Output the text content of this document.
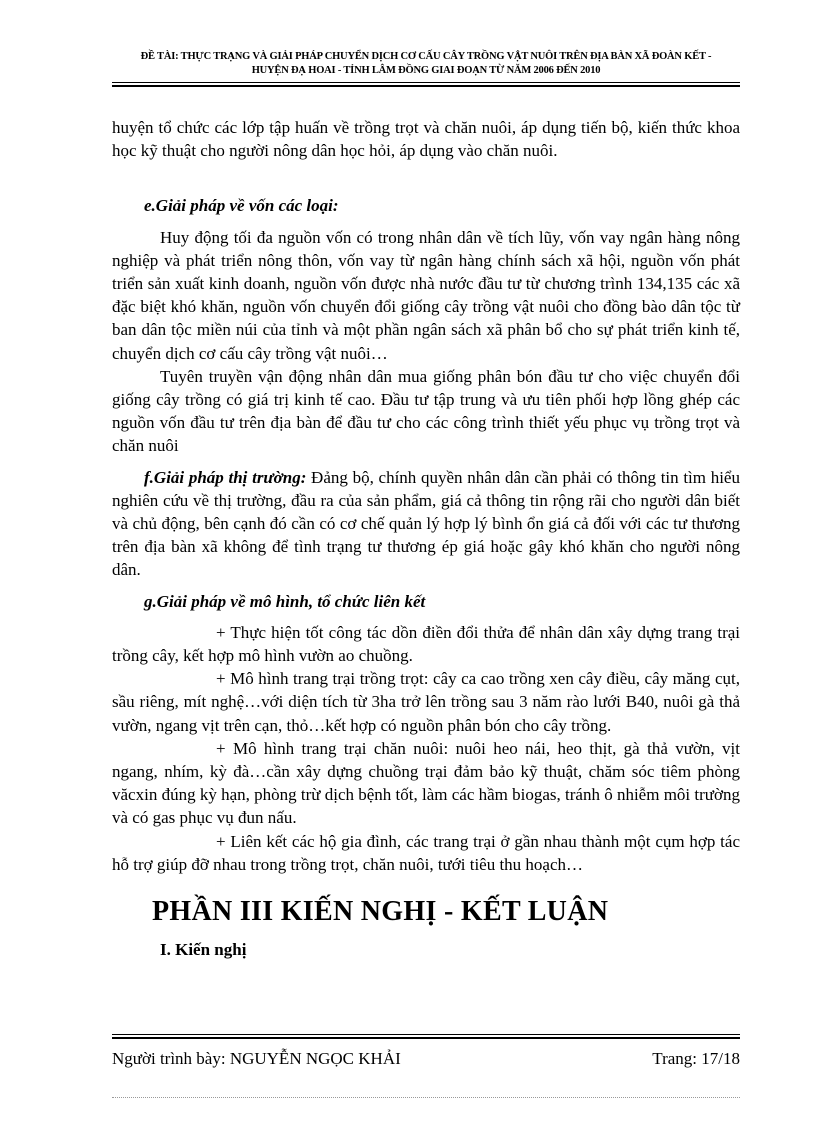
ĐỀ TÀI: THỰC TRẠNG VÀ GIẢI PHÁP CHUYỂN DỊCH CƠ CẤU CÂY TRỒNG VẬT NUÔI TRÊN ĐỊA BÀN XÃ ĐOÀN KẾT -
HUYỆN ĐẠ HOAI - TỈNH LÂM ĐỒNG GIAI ĐOẠN TỪ NĂM 2006 ĐẾN 2010

huyện tổ chức các lớp tập huấn về trồng trọt và chăn nuôi, áp dụng tiến bộ, kiến thức khoa học kỹ thuật cho người nông dân học hỏi, áp dụng vào chăn nuôi.

e.Giải pháp về vốn các loại:

Huy động tối đa nguồn vốn có trong nhân dân về tích lũy, vốn vay ngân hàng nông nghiệp và phát triển nông thôn, vốn vay từ ngân hàng chính sách xã hội, nguồn vốn phát triển sản xuất kinh doanh, nguồn vốn được nhà nước đầu tư từ chương trình 134,135 các xã đặc biệt khó khăn, nguồn vốn chuyển đổi giống cây trồng vật nuôi cho đồng bào dân tộc từ ban dân tộc miền núi của tỉnh và một phần ngân sách xã phân bổ cho sự phát triển kinh tế, chuyển dịch cơ cấu cây trồng vật nuôi…

Tuyên truyền vận động nhân dân mua giống phân bón đầu tư cho việc chuyển đổi giống cây trồng có giá trị kinh tế cao. Đầu tư tập trung và ưu tiên phối hợp lồng ghép các nguồn vốn đầu tư trên địa bàn để đầu tư cho các công trình thiết yếu phục vụ trồng trọt và chăn nuôi

f.Giải pháp thị trường: Đảng bộ, chính quyền nhân dân cần phải có thông tin tìm hiểu nghiên cứu về thị trường, đầu ra của sản phẩm, giá cả thông tin rộng rãi cho người dân biết và chủ động, bên cạnh đó cần có cơ chế quản lý hợp lý bình ổn giá cả đối với các tư thương trên địa bàn xã không để tình trạng tư thương ép giá hoặc gây khó khăn cho người nông dân.

g.Giải pháp về mô hình, tổ chức liên kết

+ Thực hiện tốt công tác dồn điền đổi thửa để nhân dân xây dựng trang trại trồng cây, kết hợp mô hình vườn ao chuồng.

+ Mô hình trang trại trồng trọt: cây ca cao trồng xen cây điều, cây măng cụt, sầu riêng, mít nghệ…với diện tích từ 3ha trở lên trồng sau 3 năm rào lưới B40, nuôi gà thả vườn, ngang vịt trên cạn, thỏ…kết hợp có nguồn phân bón cho cây trồng.

+ Mô hình trang trại chăn nuôi: nuôi heo nái, heo thịt, gà thả vườn, vịt ngang, nhím, kỳ đà…cần xây dựng chuồng trại đảm bảo kỹ thuật, chăm sóc tiêm phòng văcxin đúng kỳ hạn, phòng trừ dịch bệnh tốt, làm các hầm biogas, tránh ô nhiễm môi trường và có gas phục vụ đun nấu.

+ Liên kết các hộ gia đình, các trang trại ở gần nhau thành một cụm hợp tác hỗ trợ giúp đỡ nhau trong trồng trọt, chăn nuôi, tưới tiêu thu hoạch…

PHẦN III KIẾN NGHỊ - KẾT LUẬN

I. Kiến nghị

Người trình bày: NGUYỄN NGỌC KHẢI	Trang: 17/18
